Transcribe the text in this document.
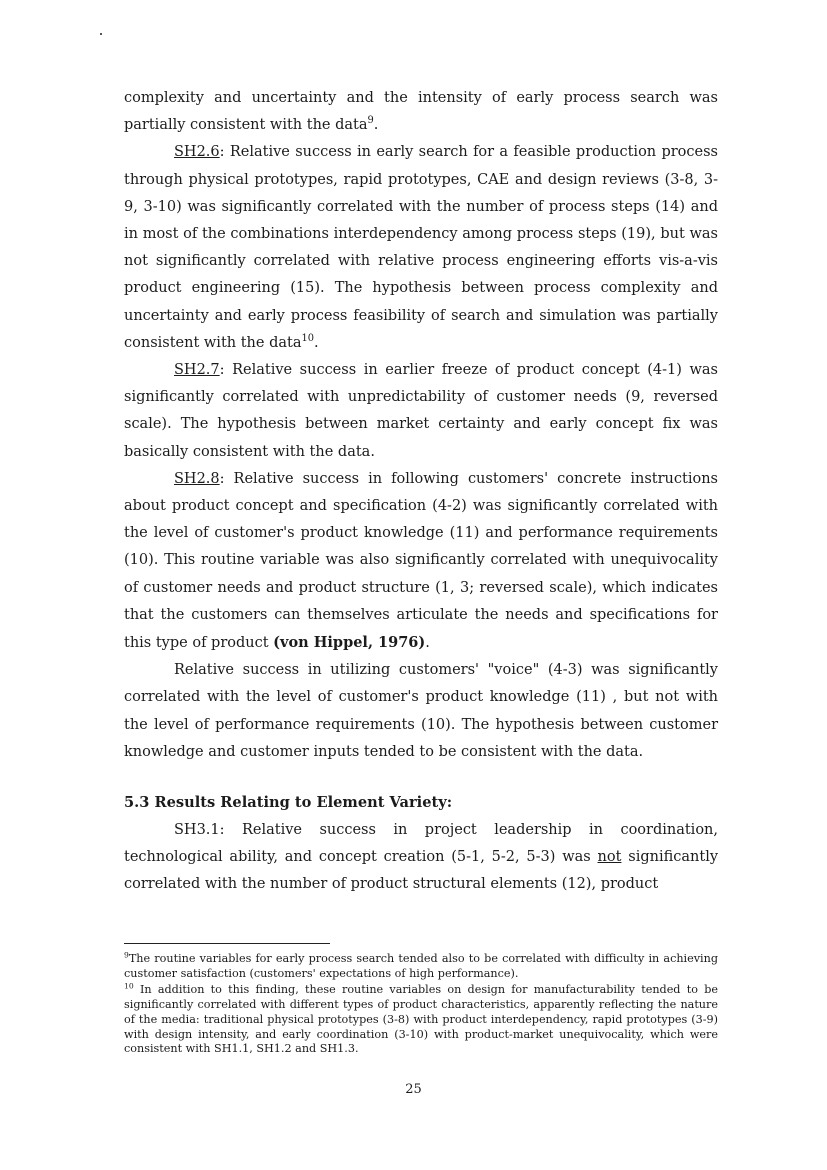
complexity and uncertainty and the intensity of early process search was partially consistent with the data$^9$.

SH2.6: Relative success in early search for a feasible production process through physical prototypes, rapid prototypes, CAE and design reviews (3-8, 3-9, 3-10) was significantly correlated with the number of process steps (14) and in most of the combinations interdependency among process steps (19), but was not significantly correlated with relative process engineering efforts vis-a-vis product engineering (15). The hypothesis between process complexity and uncertainty and early process feasibility of search and simulation was partially consistent with the data$^{10}$.

SH2.7: Relative success in earlier freeze of product concept (4-1) was significantly correlated with unpredictability of customer needs (9, reversed scale). The hypothesis between market certainty and early concept fix was basically consistent with the data.

SH2.8: Relative success in following customers' concrete instructions about product concept and specification (4-2) was significantly correlated with the level of customer's product knowledge (11) and performance requirements (10). This routine variable was also significantly correlated with unequivocality of customer needs and product structure (1, 3; reversed scale), which indicates that the customers can themselves articulate the needs and specifications for this type of product (von Hippel, 1976).

Relative success in utilizing customers' "voice" (4-3) was significantly correlated with the level of customer's product knowledge (11) , but not with the level of performance requirements (10). The hypothesis between customer knowledge and customer inputs tended to be consistent with the data.

5.3 Results Relating to Element Variety:

SH3.1: Relative success in project leadership in coordination, technological ability, and concept creation (5-1, 5-2, 5-3) was not significantly correlated with the number of product structural elements (12), product

$^9$The routine variables for early process search tended also to be correlated with difficulty in achieving customer satisfaction (customers' expectations of high performance).

$^{10}$ In addition to this finding, these routine variables on design for manufacturability tended to be significantly correlated with different types of product characteristics, apparently reflecting the nature of the media: traditional physical prototypes (3-8) with product interdependency, rapid prototypes (3-9) with design intensity, and early coordination (3-10) with product-market unequivocality, which were consistent with SH1.1, SH1.2 and SH1.3.

25
